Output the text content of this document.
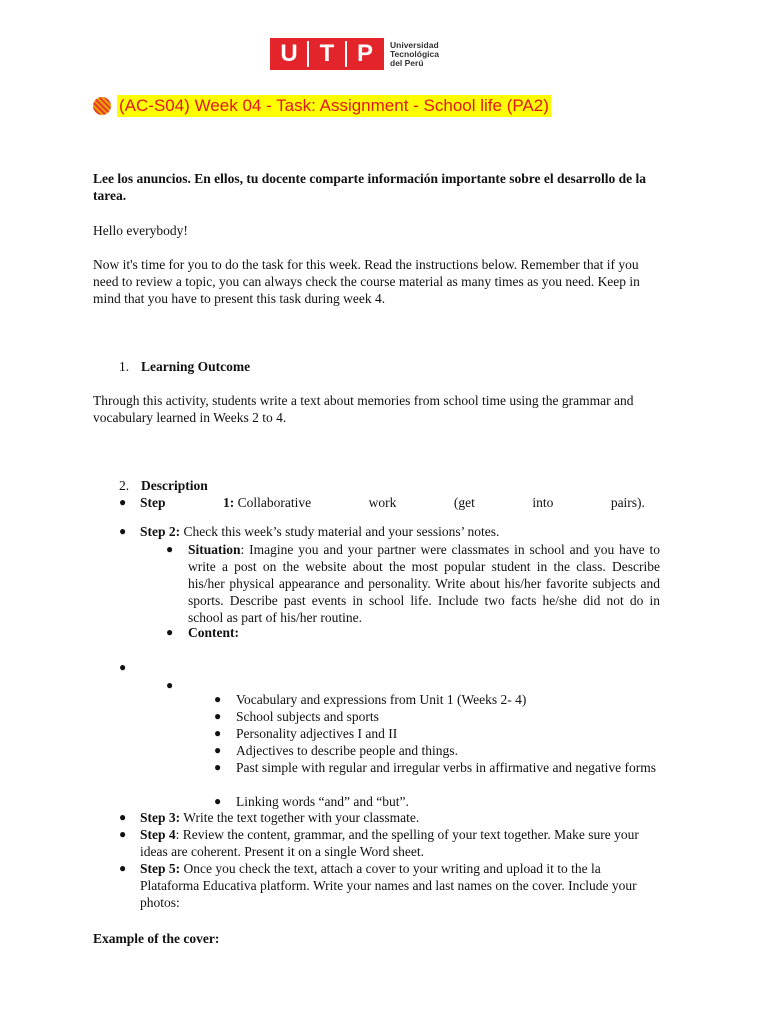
U T P	Universidad
Tecnológica
del Perú
(AC-S04) Week 04 - Task: Assignment - School life (PA2)
Lee los anuncios. En ellos, tu docente comparte información importante sobre el desarrollo de la tarea.
Hello everybody!
Now it's time for you to do the task for this week. Read the instructions below. Remember that if you need to review a topic, you can always check the course material as many times as you need. Keep in mind that you have to present this task during week 4.
1. Learning Outcome
Through this activity, students write a text about memories from school time using the grammar and vocabulary learned in Weeks 2 to 4.
2. Description
● Step	1: Collaborative	work	(get	into	pairs).
● Step 2: Check this week’s study material and your sessions’ notes.
● Situation: Imagine you and your partner were classmates in school and you have to write a post on the website about the most popular student in the class. Describe his/her physical appearance and personality. Write about his/her favorite subjects and sports. Describe past events in school life. Include two facts he/she did not do in school as part of his/her routine.
● Content:
●
●
● Vocabulary and expressions from Unit 1 (Weeks 2- 4)
● School subjects and sports
● Personality adjectives I and II
● Adjectives to describe people and things.
● Past simple with regular and irregular verbs in affirmative and negative forms
● Linking words “and” and “but”.
● Step 3: Write the text together with your classmate.
● Step 4: Review the content, grammar, and the spelling of your text together. Make sure your ideas are coherent. Present it on a single Word sheet.
● Step 5: Once you check the text, attach a cover to your writing and upload it to the la Plataforma Educativa platform. Write your names and last names on the cover. Include your photos:
Example of the cover:
